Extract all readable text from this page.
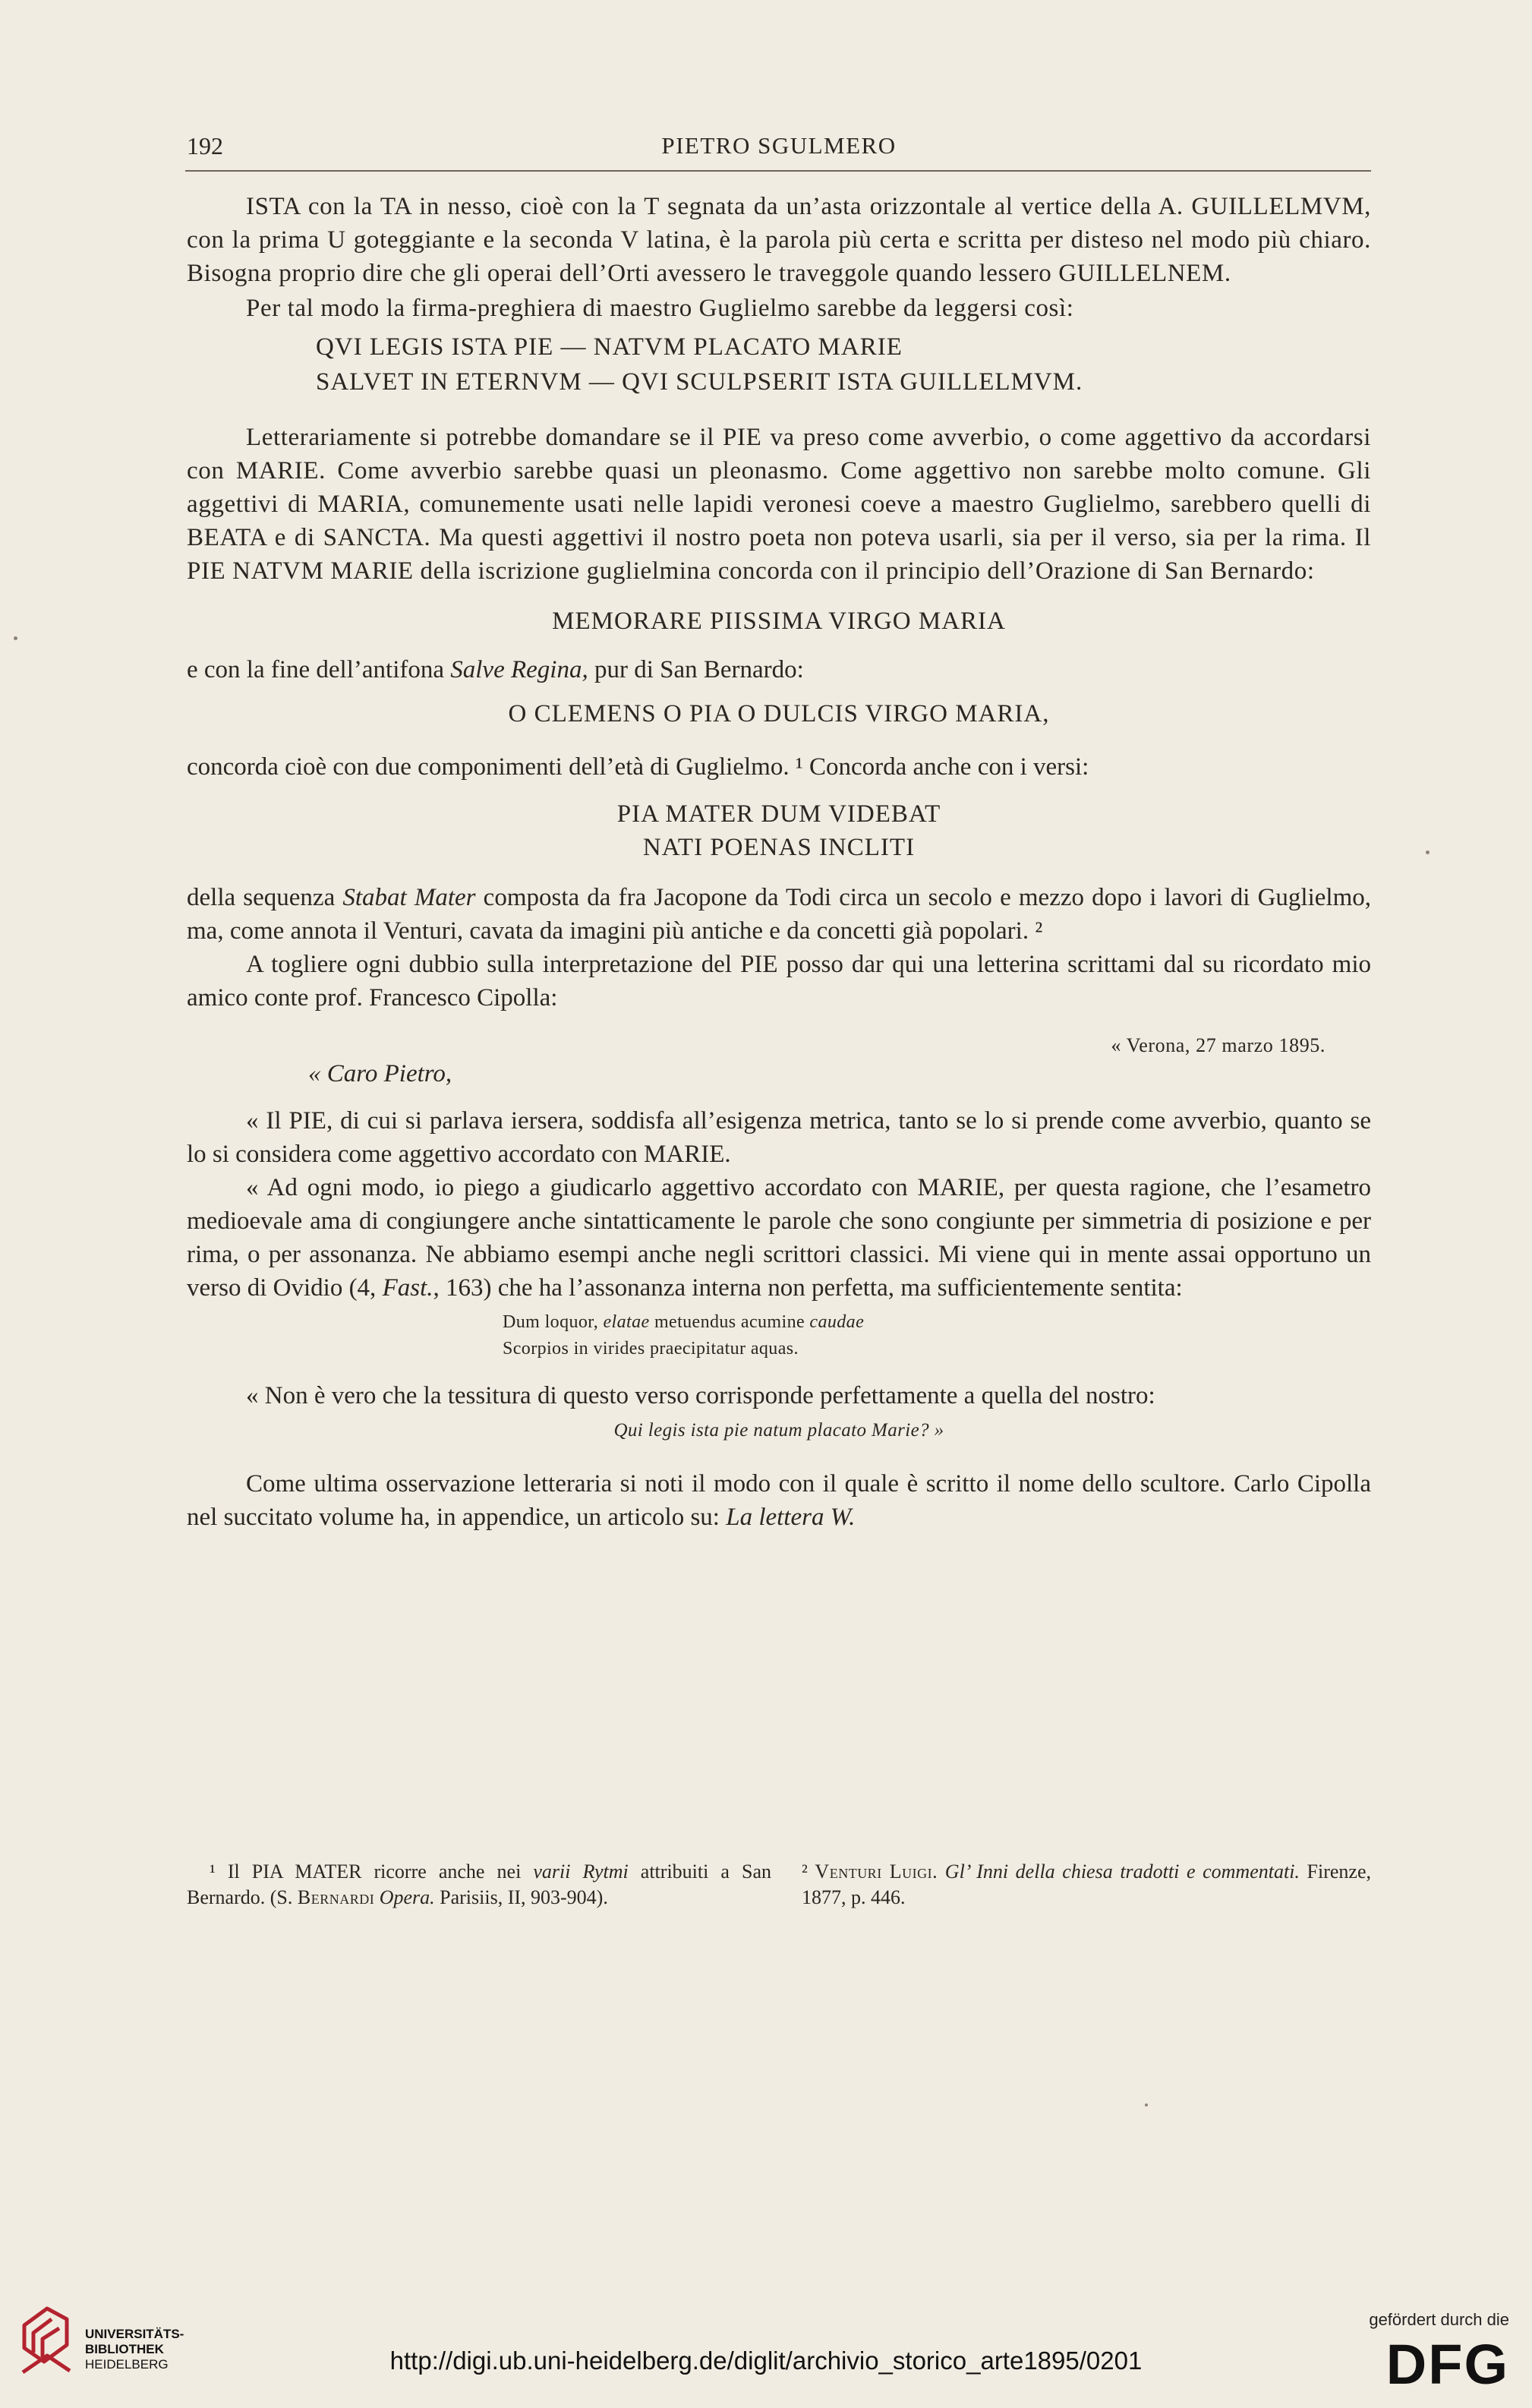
192	PIETRO SGULMERO

ISTA con la TA in nesso, cioè con la T segnata da un’asta orizzontale al vertice della A. GUILLELMVM, con la prima U goteggiante e la seconda V latina, è la parola più certa e scritta per disteso nel modo più chiaro. Bisogna proprio dire che gli operai dell’Orti avessero le traveggole quando lessero GUILLELNEM.

Per tal modo la firma-preghiera di maestro Guglielmo sarebbe da leggersi così:

QVI LEGIS ISTA PIE — NATVM PLACATO MARIE
SALVET IN ETERNVM — QVI SCULPSERIT ISTA GUILLELMVM.

Letterariamente si potrebbe domandare se il PIE va preso come avverbio, o come aggettivo da accordarsi con MARIE. Come avverbio sarebbe quasi un pleonasmo. Come aggettivo non sarebbe molto comune. Gli aggettivi di MARIA, comunemente usati nelle lapidi veronesi coeve a maestro Guglielmo, sarebbero quelli di BEATA e di SANCTA. Ma questi aggettivi il nostro poeta non poteva usarli, sia per il verso, sia per la rima. Il PIE NATVM MARIE della iscrizione guglielmina concorda con il principio dell’Orazione di San Bernardo:

MEMORARE PIISSIMA VIRGO MARIA

e con la fine dell’antifona Salve Regina, pur di San Bernardo:

O CLEMENS O PIA O DULCIS VIRGO MARIA,

concorda cioè con due componimenti dell’età di Guglielmo. ¹ Concorda anche con i versi:

PIA MATER DUM VIDEBAT
NATI POENAS INCLITI

della sequenza Stabat Mater composta da fra Jacopone da Todi circa un secolo e mezzo dopo i lavori di Guglielmo, ma, come annota il Venturi, cavata da imagini più antiche e da concetti già popolari. ²

A togliere ogni dubbio sulla interpretazione del PIE posso dar qui una letterina scrittami dal su ricordato mio amico conte prof. Francesco Cipolla:

« Verona, 27 marzo 1895.
« Caro Pietro,

« Il PIE, di cui si parlava iersera, soddisfa all’esigenza metrica, tanto se lo si prende come avverbio, quanto se lo si considera come aggettivo accordato con MARIE.

« Ad ogni modo, io piego a giudicarlo aggettivo accordato con MARIE, per questa ragione, che l’esametro medioevale ama di congiungere anche sintatticamente le parole che sono congiunte per simmetria di posizione e per rima, o per assonanza. Ne abbiamo esempi anche negli scrittori classici. Mi viene qui in mente assai opportuno un verso di Ovidio (4, Fast., 163) che ha l’assonanza interna non perfetta, ma sufficientemente sentita:

Dum loquor, elatae metuendus acumine caudae
Scorpios in virides praecipitatur aquas.

« Non è vero che la tessitura di questo verso corrisponde perfettamente a quella del nostro:

Qui legis ista pie natum placato Marie? »

Come ultima osservazione letteraria si noti il modo con il quale è scritto il nome dello scultore. Carlo Cipolla nel succitato volume ha, in appendice, un articolo su: La lettera W.

¹ Il PIA MATER ricorre anche nei varii Rytmi attribuiti a San Bernardo. (S. Bernardi Opera. Parisiis, II, 903-904).
² Venturi Luigi. Gl’ Inni della chiesa tradotti e commentati. Firenze, 1877, p. 446.
UNIVERSITÄTS-
BIBLIOTHEK
HEIDELBERG	http://digi.ub.uni-heidelberg.de/diglit/archivio_storico_arte1895/0201
gefördert durch die
DFG
